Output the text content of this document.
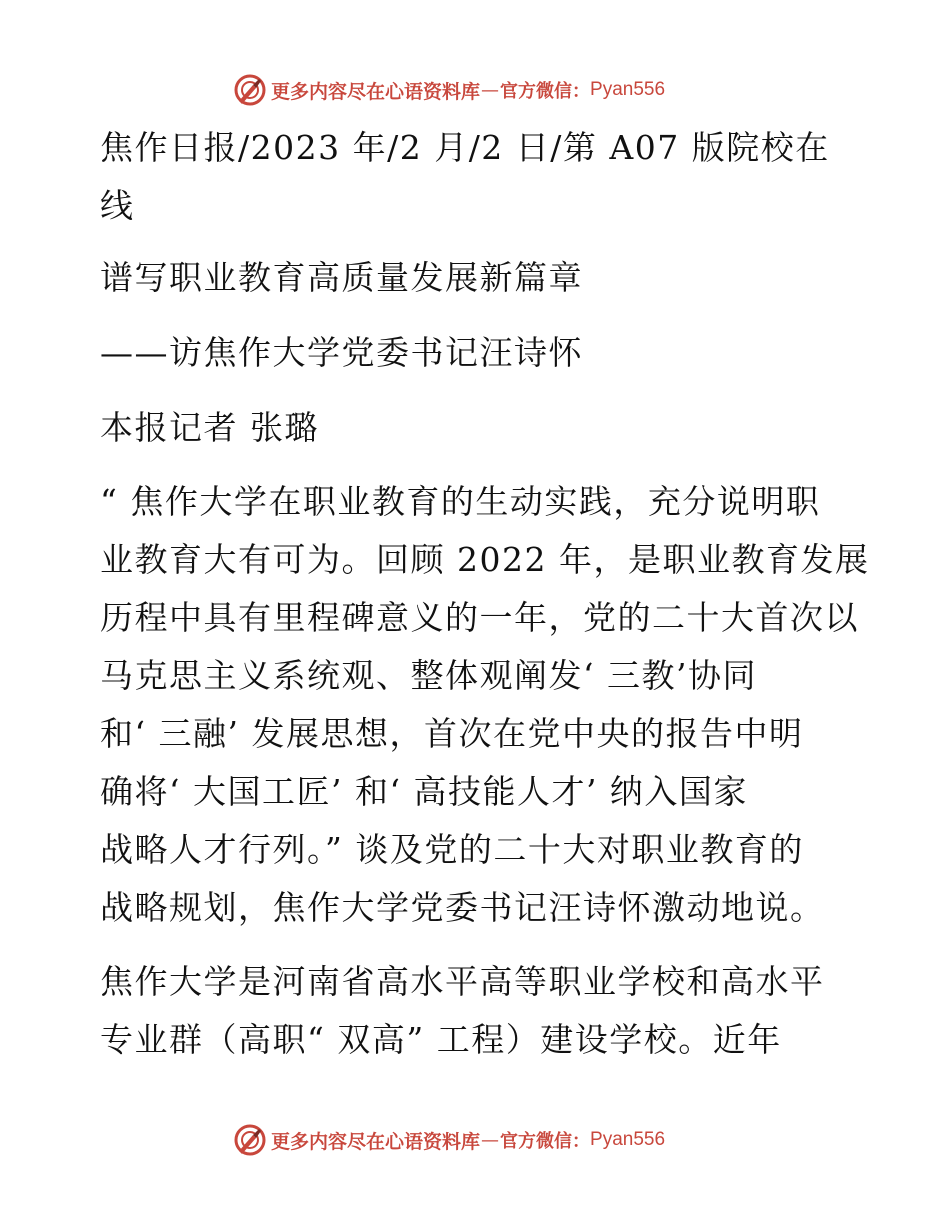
更多内容尽在心语资料库 — 官方微信： Pyan556
焦作日报/2023 年/2 月/2 日/第 A07 版院校在
线
谱写职业教育高质量发展新篇章
——访焦作大学党委书记汪诗怀
本报记者 张璐
“ 焦作大学在职业教育的生动实践，充分说明职
业教育大有可为。回顾 2022 年，是职业教育发展
历程中具有里程碑意义的一年，党的二十大首次以
马克思主义系统观、整体观阐发‘ 三教’协同
和‘ 三融’ 发展思想，首次在党中央的报告中明
确将‘ 大国工匠’ 和‘ 高技能人才’ 纳入国家
战略人才行列。” 谈及党的二十大对职业教育的
战略规划，焦作大学党委书记汪诗怀激动地说。
焦作大学是河南省高水平高等职业学校和高水平
专业群（高职“ 双高” 工程）建设学校。近年
更多内容尽在心语资料库 — 官方微信： Pyan556
